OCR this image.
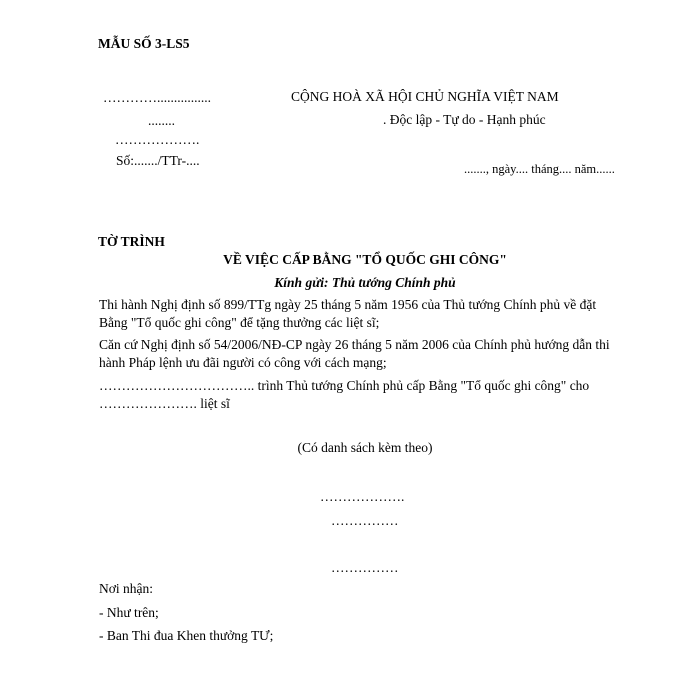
MẪU SỐ 3-LS5
…………................
........
……………….
Số:......./TTr-....
CỘNG HOÀ XÃ HỘI CHỦ NGHĨA VIỆT NAM
. Độc lập - Tự do - Hạnh phúc
......., ngày.... tháng.... năm......
TỜ TRÌNH
VỀ VIỆC CẤP BẰNG "TỔ QUỐC GHI CÔNG"
Kính gửi: Thủ tướng Chính phủ
Thi hành Nghị định số 899/TTg ngày 25 tháng 5 năm 1956 của Thủ tướng Chính phủ về đặt Bằng "Tổ quốc ghi công" để tặng thưởng các liệt sĩ;
Căn cứ Nghị định số 54/2006/NĐ-CP ngày 26 tháng 5 năm 2006 của Chính phủ hướng dẫn thi hành Pháp lệnh ưu đãi người có công với cách mạng;
…………………………….. trình Thủ tướng Chính phủ cấp Bằng "Tổ quốc ghi công" cho …………………. liệt sĩ
(Có danh sách kèm theo)
……………….
……………
……………
Nơi nhận:
- Như trên;
- Ban Thi đua Khen thưởng TƯ;
